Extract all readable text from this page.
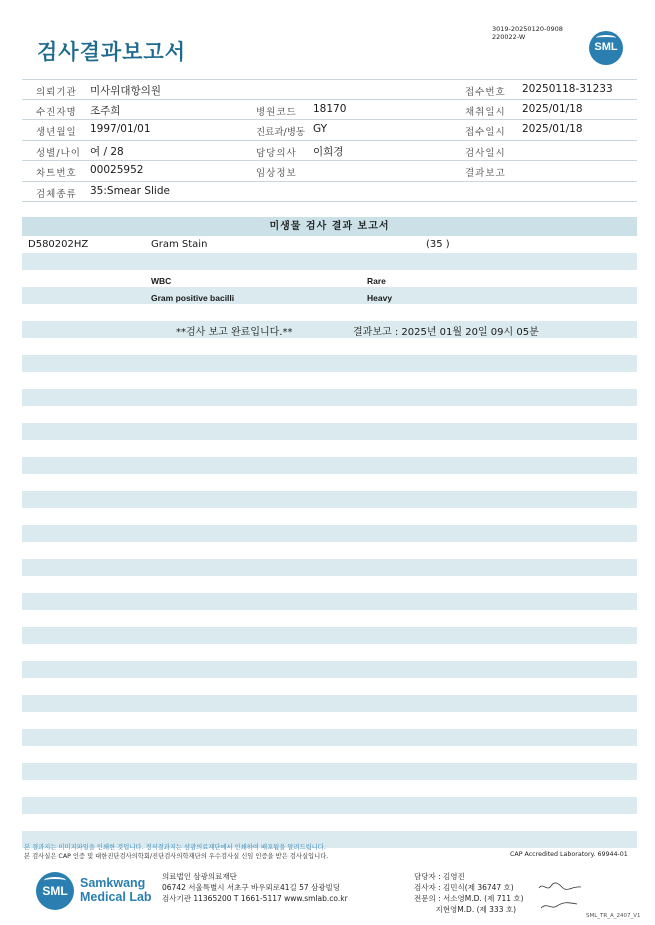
검사결과보고서
3019-20250120-0908
220022-W
SML
의뢰기관 미사위대항의원	접수번호 20250118-31233
수진자명 조주희	병원코드 18170	채취일시 2025/01/18
생년월일 1997/01/01	진료과/병동 GY	접수일시 2025/01/18
성별/나이 여 / 28	담당의사 이희경	검사일시
차트번호 00025952	임상정보	결과보고
검체종류 35:Smear Slide
미생물 검사 결과 보고서
D580202HZ	Gram Stain	(35 )
WBC	Rare
Gram positive bacilli	Heavy
**검사 보고 완료입니다.**	결과보고 : 2025년 01월 20일 09시 05분
본 결과지는 이미지파일을 인쇄한 것입니다. 정식결과지는 삼광의료재단에서 인쇄하여 배포됨을 알려드립니다.
본 검사실은 CAP 인증 및 대한진단검사의학회/진단검사의학재단의 우수검사실 신임 인증을 받은 검사실입니다.	CAP Accredited Laboratory. 69944-01
SML
Samkwang
Medical Lab
의료법인 삼광의료재단
06742 서울특별시 서초구 바우뫼로41길 57 삼광빌딩
검사기관 11365200 T 1661-5117 www.smlab.co.kr
담당자 : 김영진
검사자 : 김민식(제 36747 호)
전문의 : 서소영M.D. (제 711 호)
지현영M.D. (제 333 호)
SML_TR_A_2407_V1
